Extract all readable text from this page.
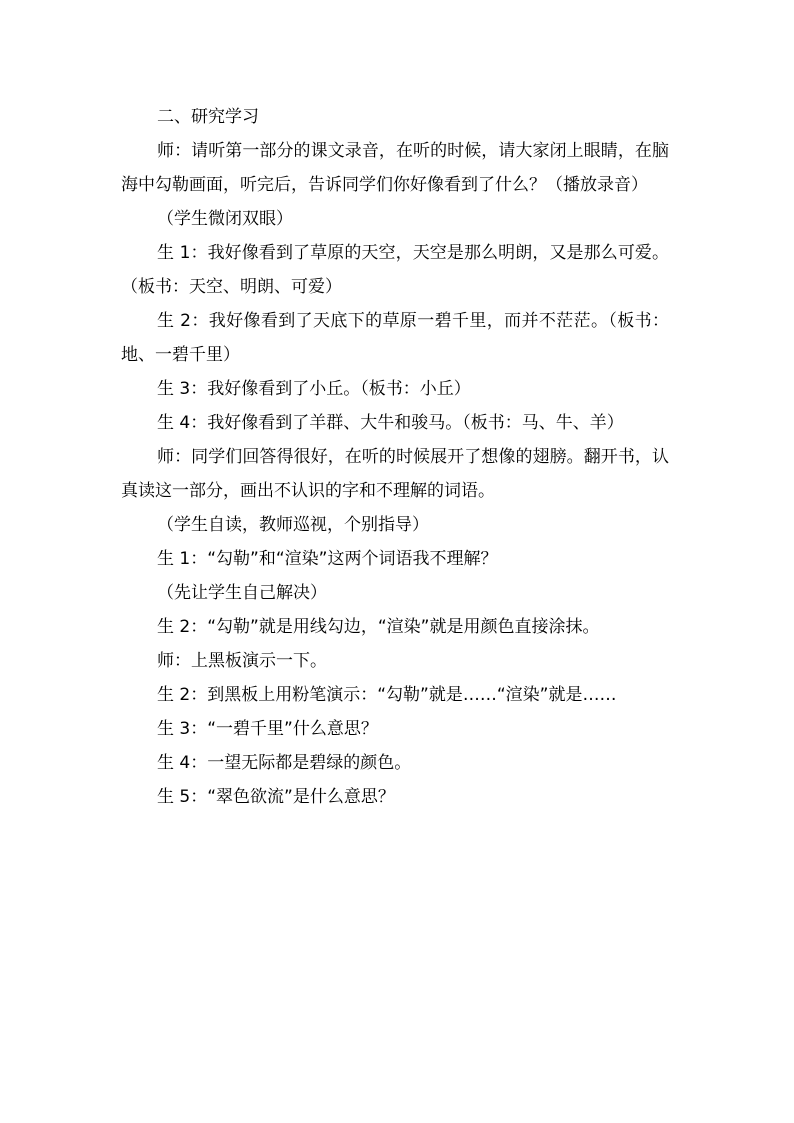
二、研究学习

师：请听第一部分的课文录音，在听的时候，请大家闭上眼睛，在脑海中勾勒画面，听完后，告诉同学们你好像看到了什么？（播放录音）

（学生微闭双眼）

生 1：我好像看到了草原的天空，天空是那么明朗，又是那么可爱。（板书：天空、明朗、可爱）

生 2：我好像看到了天底下的草原一碧千里，而并不茫茫。（板书：地、一碧千里）

生 3：我好像看到了小丘。（板书：小丘）

生 4：我好像看到了羊群、大牛和骏马。（板书：马、牛、羊）

师：同学们回答得很好，在听的时候展开了想像的翅膀。翻开书，认真读这一部分，画出不认识的字和不理解的词语。

（学生自读，教师巡视，个别指导）

生 1：“勾勒”和“渲染”这两个词语我不理解？

（先让学生自己解决）

生 2：“勾勒”就是用线勾边，“渲染”就是用颜色直接涂抹。

师：上黑板演示一下。

生 2：到黑板上用粉笔演示：“勾勒”就是……“渲染”就是……

生 3：“一碧千里”什么意思？

生 4：一望无际都是碧绿的颜色。

生 5：“翠色欲流”是什么意思？
